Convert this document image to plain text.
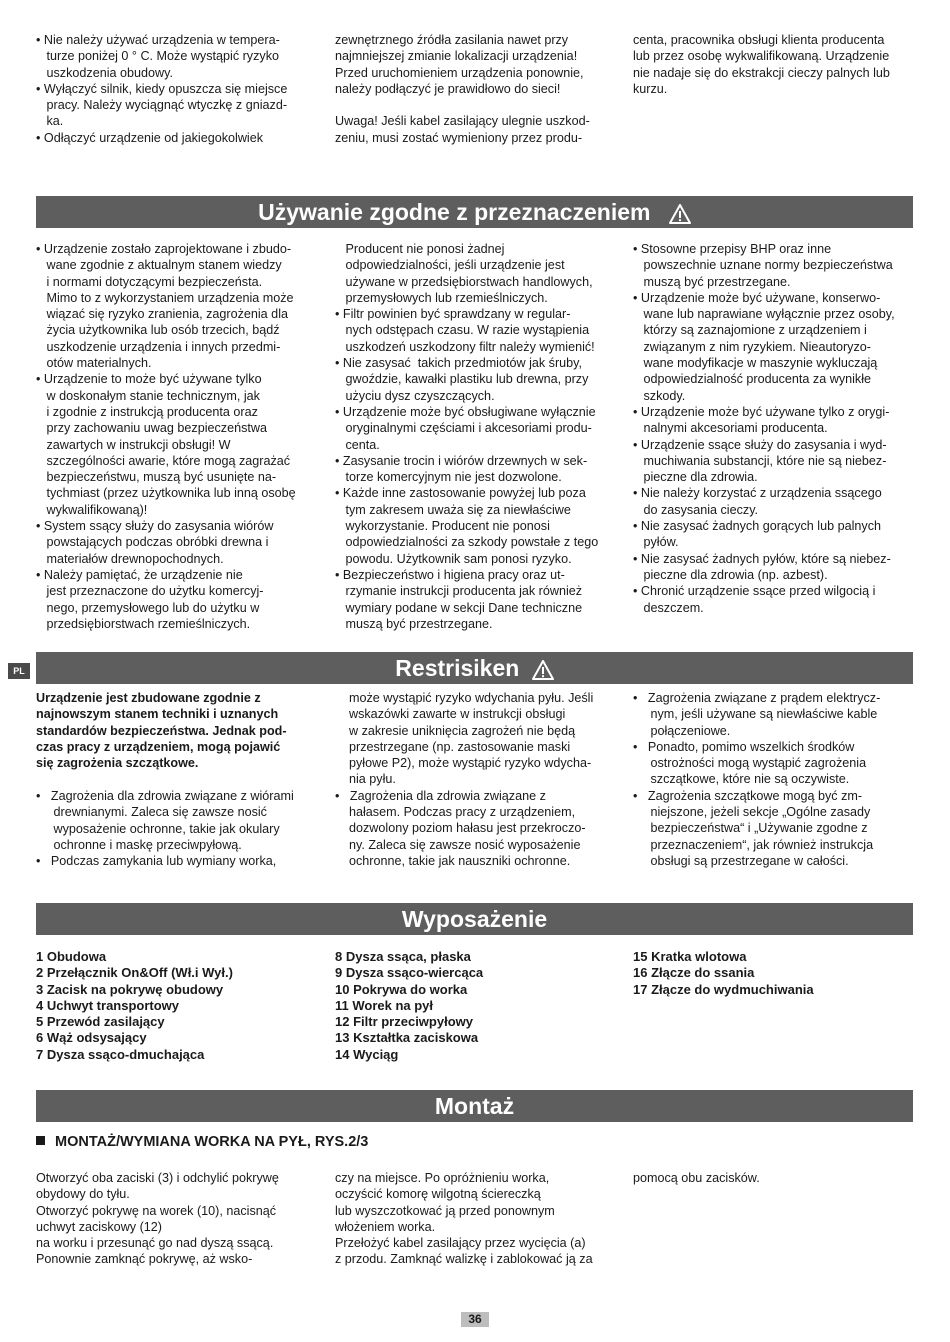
• Nie należy używać urządzenia w tempera-
turze poniżej 0 ° C. Może wystąpić ryzyko
uszkodzenia obudowy.
• Wyłączyć silnik, kiedy opuszcza się miejsce
pracy. Należy wyciągnąć wtyczkę z gniazd-
ka.
• Odłączyć urządzenie od jakiegokolwiek
zewnętrznego źródła zasilania nawet przy
najmniejszej zmianie lokalizacji urządzenia!
Przed uruchomieniem urządzenia ponownie,
należy podłączyć je prawidłowo do sieci!

Uwaga! Jeśli kabel zasilający ulegnie uszkod-
zeniu, musi zostać wymieniony przez produ-
centa, pracownika obsługi klienta producenta
lub przez osobę wykwalifikowaną. Urządzenie
nie nadaje się do ekstrakcji cieczy palnych lub
kurzu.
Używanie zgodne z przeznaczeniem
• Urządzenie zostało zaprojektowane i zbudo-
wane zgodnie z aktualnym stanem wiedzy
i normami dotyczącymi bezpieczeństa.
Mimo to z wykorzystaniem urządzenia może
wiązać się ryzyko zranienia, zagrożenia dla
życia użytkownika lub osób trzecich, bądź
uszkodzenie urządzenia i innych przedmi-
otów materialnych.
• Urządzenie to może być używane tylko
w doskonałym stanie technicznym, jak
i zgodnie z instrukcją producenta oraz
przy zachowaniu uwag bezpieczeństwa
zawartych w instrukcji obsługi! W
szczególności awarie, które mogą zagrażać
bezpieczeństwu, muszą być usunięte na-
tychmiast (przez użytkownika lub inną osobę
wykwalifikowaną)!
• System ssący służy do zasysania wiórów
powstających podczas obróbki drewna i
materiałów drewnopochodnych.
• Należy pamiętać, że urządzenie nie
jest przeznaczone do użytku komercyj-
nego, przemysłowego lub do użytku w
przedsiębiorstwach rzemieślniczych.
Producent nie ponosi żadnej
odpowiedzialności, jeśli urządzenie jest
używane w przedsiębiorstwach handlowych,
przemysłowych lub rzemieślniczych.
• Filtr powinien być sprawdzany w regular-
nych odstępach czasu. W razie wystąpienia
uszkodzeń uszkodzony filtr należy wymienić!
• Nie zasysać  takich przedmiotów jak śruby,
gwoździe, kawałki plastiku lub drewna, przy
użyciu dysz czyszczących.
• Urządzenie może być obsługiwane wyłącznie
oryginalnymi częściami i akcesoriami produ-
centa.
• Zasysanie trocin i wiórów drzewnych w sek-
torze komercyjnym nie jest dozwolone.
• Każde inne zastosowanie powyżej lub poza
tym zakresem uważa się za niewłaściwe
wykorzystanie. Producent nie ponosi
odpowiedzialności za szkody powstałe z tego
powodu. Użytkownik sam ponosi ryzyko.
• Bezpieczeństwo i higiena pracy oraz ut-
rzymanie instrukcji producenta jak również
wymiary podane w sekcji Dane techniczne
muszą być przestrzegane.
• Stosowne przepisy BHP oraz inne
powszechnie uznane normy bezpieczeństwa
muszą być przestrzegane.
• Urządzenie może być używane, konserwo-
wane lub naprawiane wyłącznie przez osoby,
którzy są zaznajomione z urządzeniem i
związanym z nim ryzykiem. Nieautoryzo-
wane modyfikacje w maszynie wykluczają
odpowiedzialność producenta za wynikłe
szkody.
• Urządzenie może być używane tylko z orygi-
nalnymi akcesoriami producenta.
• Urządzenie ssące służy do zasysania i wyd-
muchiwania substancji, które nie są niebez-
pieczne dla zdrowia.
• Nie należy korzystać z urządzenia ssącego
do zasysania cieczy.
• Nie zasysać żadnych gorących lub palnych
pyłów.
• Nie zasysać żadnych pyłów, które są niebez-
pieczne dla zdrowia (np. azbest).
• Chronić urządzenie ssące przed wilgocią i
deszczem.
PL	Restrisiken
Urządzenie jest zbudowane zgodnie z
najnowszym stanem techniki i uznanych
standardów bezpieczeństwa. Jednak pod-
czas pracy z urządzeniem, mogą pojawić
się zagrożenia szczątkowe.
•   Zagrożenia dla zdrowia związane z wiórami
drewnianymi. Zaleca się zawsze nosić
wyposażenie ochronne, takie jak okulary
ochronne i maskę przeciwpyłową.
•   Podczas zamykania lub wymiany worka,
może wystąpić ryzyko wdychania pyłu. Jeśli
wskazówki zawarte w instrukcji obsługi
w zakresie uniknięcia zagrożeń nie będą
przestrzegane (np. zastosowanie maski
pyłowe P2), może wystąpić ryzyko wdycha-
nia pyłu.
•   Zagrożenia dla zdrowia związane z
hałasem. Podczas pracy z urządzeniem,
dozwolony poziom hałasu jest przekroczo-
ny. Zaleca się zawsze nosić wyposażenie
ochronne, takie jak nauszniki ochronne.
•   Zagrożenia związane z prądem elektrycz-
nym, jeśli używane są niewłaściwe kable
połączeniowe.
•   Ponadto, pomimo wszelkich środków
ostrożności mogą wystąpić zagrożenia
szczątkowe, które nie są oczywiste.
•   Zagrożenia szczątkowe mogą być zm-
niejszone, jeżeli sekcje „Ogólne zasady
bezpieczeństwa“ i „Używanie zgodne z
przeznaczeniem“, jak również instrukcja
obsługi są przestrzegane w całości.
Wyposażenie
1 Obudowa
2 Przełącznik On&Off (Wł.i Wył.)
3 Zacisk na pokrywę obudowy
4 Uchwyt transportowy
5 Przewód zasilający
6 Wąż odsysający
7 Dysza ssąco-dmuchająca
8 Dysza ssąca, płaska
9 Dysza ssąco-wiercąca
10 Pokrywa do worka
11 Worek na pył
12 Filtr przeciwpyłowy
13 Kształtka zaciskowa
14 Wyciąg
15 Kratka wlotowa
16 Złącze do ssania
17 Złącze do wydmuchiwania
Montaż
MONTAŻ/WYMIANA WORKA NA PYŁ, RYS.2/3
Otworzyć oba zaciski (3) i odchylić pokrywę
obydowy do tyłu.
Otworzyć pokrywę na worek (10), nacisnąć
uchwyt zaciskowy (12)
na worku i przesunąć go nad dyszą ssącą.
Ponownie zamknąć pokrywę, aż wsko-
czy na miejsce. Po opróżnieniu worka,
oczyścić komorę wilgotną ściereczką
lub wyszczotkować ją przed ponownym
włożeniem worka.
Przełożyć kabel zasilający przez wycięcia (a)
z przodu. Zamknąć walizkę i zablokować ją za
pomocą obu zacisków.
36
